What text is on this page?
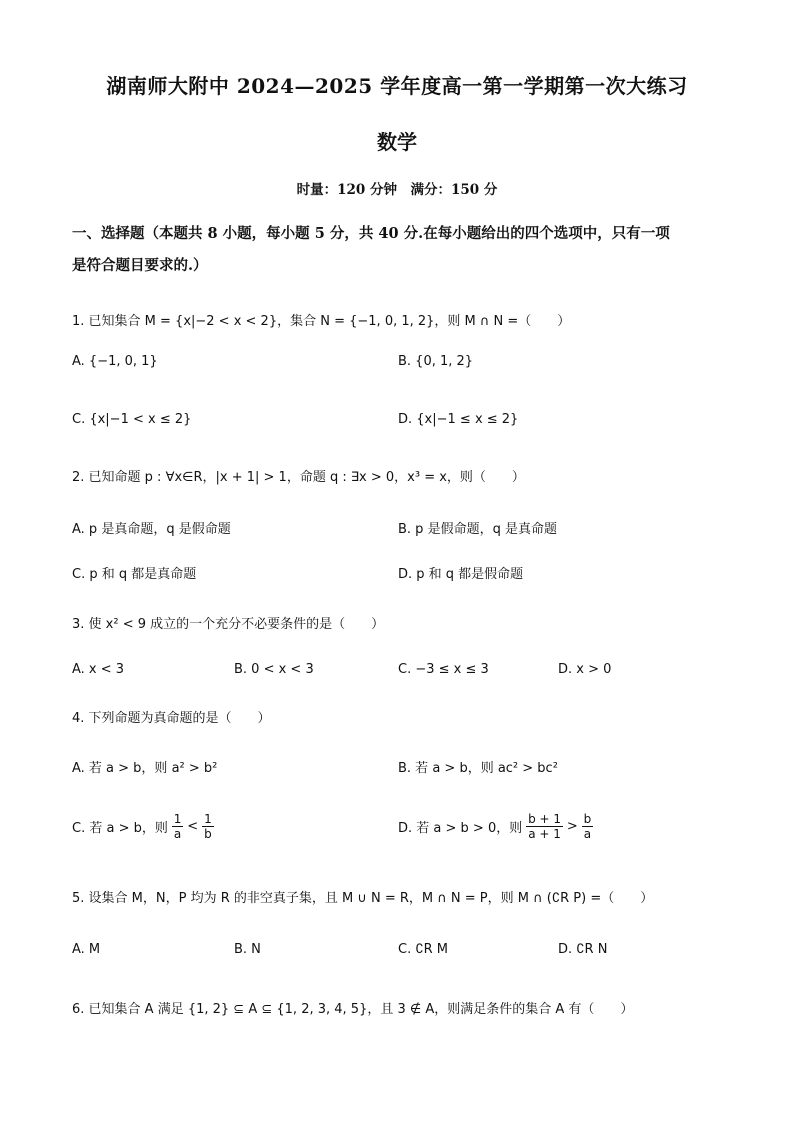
湖南师大附中 2024—2025 学年度高一第一学期第一次大练习
数学
时量：120 分钟　满分：150 分
一、选择题（本题共 8 小题，每小题 5 分，共 40 分.在每小题给出的四个选项中，只有一项
是符合题目要求的.）
1. 已知集合 M = {x|−2 < x < 2}，集合 N = {−1, 0, 1, 2}，则 M ∩ N =（　　）
A. {−1, 0, 1}	B. {0, 1, 2}
C. {x|−1 < x ≤ 2}	D. {x|−1 ≤ x ≤ 2}
2. 已知命题 p : ∀x∈R，|x + 1| > 1，命题 q : ∃x > 0，x³ = x，则（　　）
A. p 是真命题，q 是假命题	B. p 是假命题，q 是真命题
C. p 和 q 都是真命题	D. p 和 q 都是假命题
3. 使 x² < 9 成立的一个充分不必要条件的是（　　）
A. x < 3	B. 0 < x < 3	C. −3 ≤ x ≤ 3	D. x > 0
4. 下列命题为真命题的是（　　）
A. 若 a > b，则 a² > b²	B. 若 a > b，则 ac² > bc²
C. 若 a > b，则 $\frac{1}{a} < \frac{1}{b}$	D. 若 a > b > 0，则 $\frac{b + 1}{a + 1} > \frac{b}{a}$
5. 设集合 M，N，P 均为 R 的非空真子集，且 M ∪ N = R，M ∩ N = P，则 M ∩ (∁R P) =（　　）
A. M	B. N	C. ∁R M	D. ∁R N
6. 已知集合 A 满足 {1, 2} ⊆ A ⊆ {1, 2, 3, 4, 5}，且 3 ∉ A，则满足条件的集合 A 有（　　）
